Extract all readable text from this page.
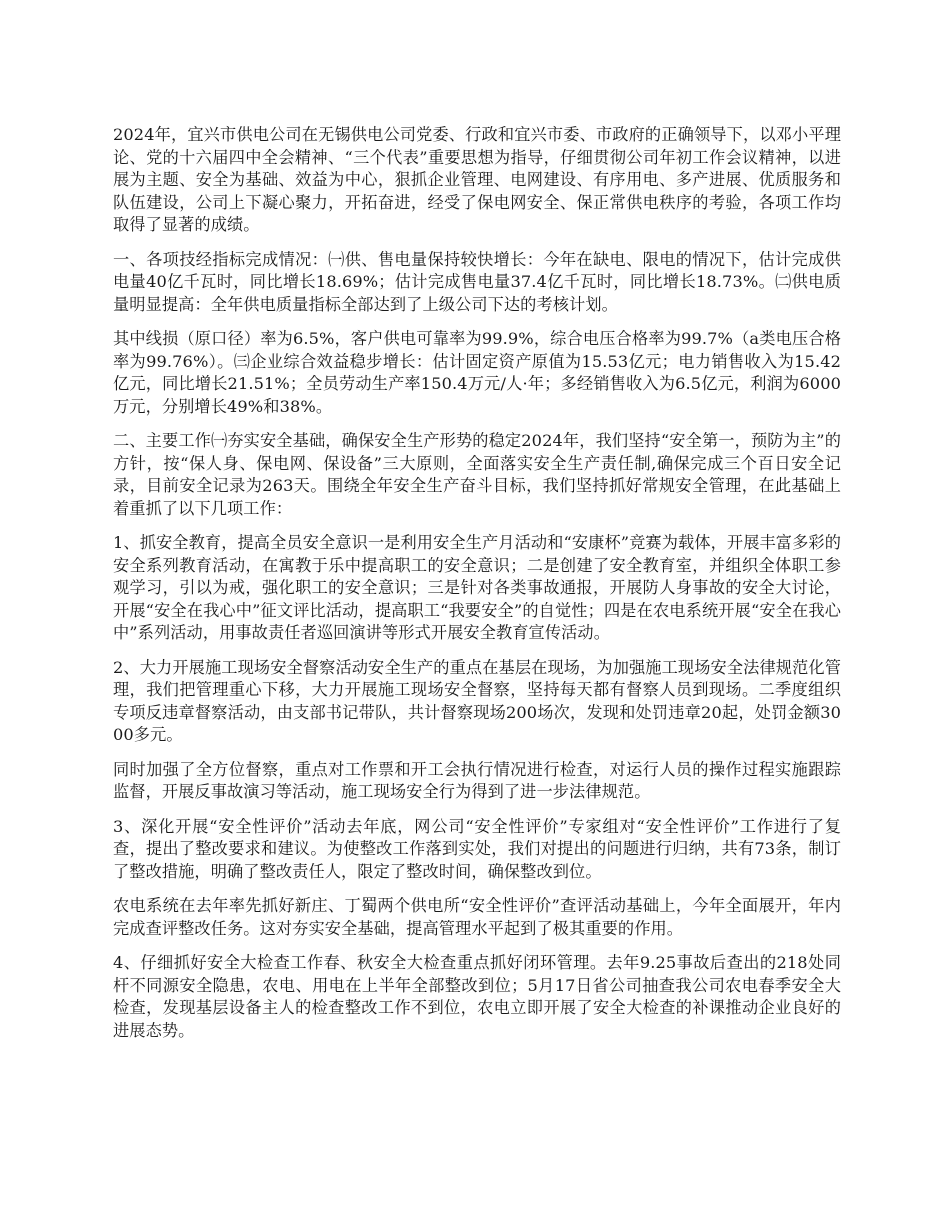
2024年，宜兴市供电公司在无锡供电公司党委、行政和宜兴市委、市政府的正确领导下，以邓小平理论、党的十六届四中全会精神、“三个代表”重要思想为指导，仔细贯彻公司年初工作会议精神，以进展为主题、安全为基础、效益为中心，狠抓企业管理、电网建设、有序用电、多产进展、优质服务和队伍建设，公司上下凝心聚力，开拓奋进，经受了保电网安全、保正常供电秩序的考验，各项工作均取得了显著的成绩。

一、各项技经指标完成情况：㈠供、售电量保持较快增长：今年在缺电、限电的情况下，估计完成供电量40亿千瓦时，同比增长18.69%；估计完成售电量37.4亿千瓦时，同比增长18.73%。㈡供电质量明显提高：全年供电质量指标全部达到了上级公司下达的考核计划。

其中线损（原口径）率为6.5%，客户供电可靠率为99.9%，综合电压合格率为99.7%（a类电压合格率为99.76%）。㈢企业综合效益稳步增长：估计固定资产原值为15.53亿元；电力销售收入为15.42亿元，同比增长21.51%；全员劳动生产率150.4万元/人·年；多经销售收入为6.5亿元，利润为6000万元，分别增长49%和38%。

二、主要工作㈠夯实安全基础，确保安全生产形势的稳定2024年，我们坚持“安全第一，预防为主”的方针，按“保人身、保电网、保设备”三大原则，全面落实安全生产责任制,确保完成三个百日安全记录，目前安全记录为263天。围绕全年安全生产奋斗目标，我们坚持抓好常规安全管理，在此基础上着重抓了以下几项工作：

1、抓安全教育，提高全员安全意识一是利用安全生产月活动和“安康杯”竞赛为载体，开展丰富多彩的安全系列教育活动，在寓教于乐中提高职工的安全意识；二是创建了安全教育室，并组织全体职工参观学习，引以为戒，强化职工的安全意识；三是针对各类事故通报，开展防人身事故的安全大讨论，开展“安全在我心中”征文评比活动，提高职工“我要安全”的自觉性；四是在农电系统开展“安全在我心中”系列活动，用事故责任者巡回演讲等形式开展安全教育宣传活动。

2、大力开展施工现场安全督察活动安全生产的重点在基层在现场，为加强施工现场安全法律规范化管理，我们把管理重心下移，大力开展施工现场安全督察，坚持每天都有督察人员到现场。二季度组织专项反违章督察活动，由支部书记带队，共计督察现场200场次，发现和处罚违章20起，处罚金额3000多元。

同时加强了全方位督察，重点对工作票和开工会执行情况进行检查，对运行人员的操作过程实施跟踪监督，开展反事故演习等活动，施工现场安全行为得到了进一步法律规范。

3、深化开展“安全性评价”活动去年底，网公司“安全性评价”专家组对“安全性评价”工作进行了复查，提出了整改要求和建议。为使整改工作落到实处，我们对提出的问题进行归纳，共有73条，制订了整改措施，明确了整改责任人，限定了整改时间，确保整改到位。

农电系统在去年率先抓好新庄、丁蜀两个供电所“安全性评价”查评活动基础上，今年全面展开，年内完成查评整改任务。这对夯实安全基础，提高管理水平起到了极其重要的作用。

4、仔细抓好安全大检查工作春、秋安全大检查重点抓好闭环管理。去年9.25事故后查出的218处同杆不同源安全隐患，农电、用电在上半年全部整改到位；5月17日省公司抽查我公司农电春季安全大检查，发现基层设备主人的检查整改工作不到位，农电立即开展了安全大检查的补课推动企业良好的进展态势。
